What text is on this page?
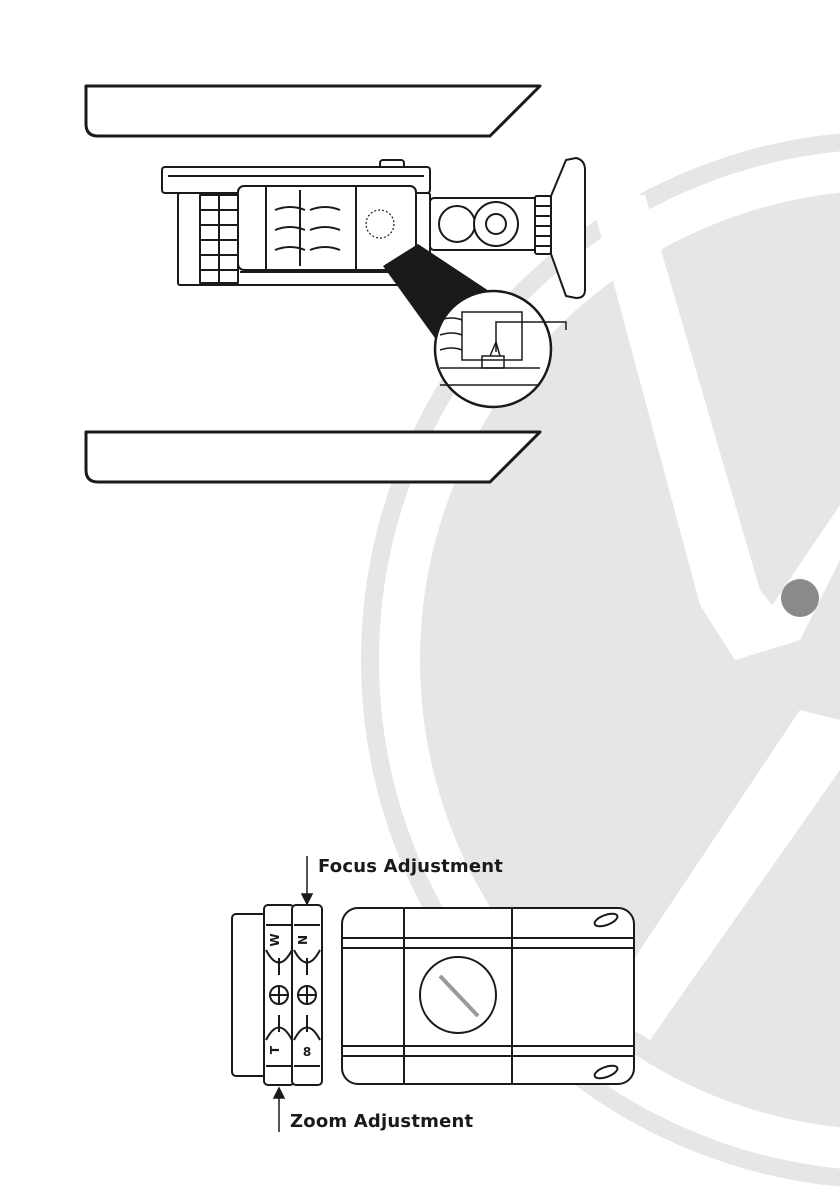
W
T
N
8
Focus Adjustment
Zoom Adjustment
